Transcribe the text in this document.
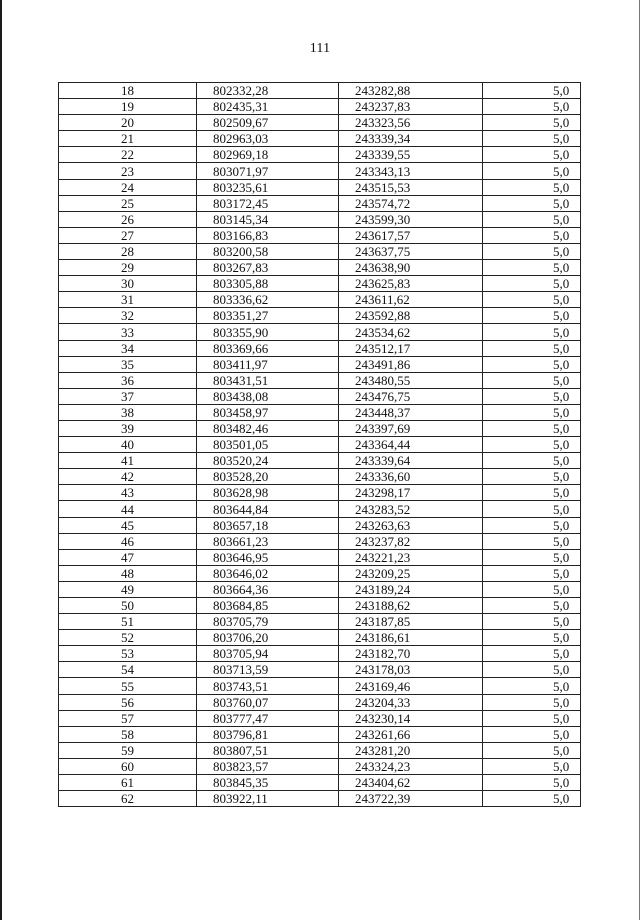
111
18	802332,28	243282,88	5,0
19	802435,31	243237,83	5,0
20	802509,67	243323,56	5,0
21	802963,03	243339,34	5,0
22	802969,18	243339,55	5,0
23	803071,97	243343,13	5,0
24	803235,61	243515,53	5,0
25	803172,45	243574,72	5,0
26	803145,34	243599,30	5,0
27	803166,83	243617,57	5,0
28	803200,58	243637,75	5,0
29	803267,83	243638,90	5,0
30	803305,88	243625,83	5,0
31	803336,62	243611,62	5,0
32	803351,27	243592,88	5,0
33	803355,90	243534,62	5,0
34	803369,66	243512,17	5,0
35	803411,97	243491,86	5,0
36	803431,51	243480,55	5,0
37	803438,08	243476,75	5,0
38	803458,97	243448,37	5,0
39	803482,46	243397,69	5,0
40	803501,05	243364,44	5,0
41	803520,24	243339,64	5,0
42	803528,20	243336,60	5,0
43	803628,98	243298,17	5,0
44	803644,84	243283,52	5,0
45	803657,18	243263,63	5,0
46	803661,23	243237,82	5,0
47	803646,95	243221,23	5,0
48	803646,02	243209,25	5,0
49	803664,36	243189,24	5,0
50	803684,85	243188,62	5,0
51	803705,79	243187,85	5,0
52	803706,20	243186,61	5,0
53	803705,94	243182,70	5,0
54	803713,59	243178,03	5,0
55	803743,51	243169,46	5,0
56	803760,07	243204,33	5,0
57	803777,47	243230,14	5,0
58	803796,81	243261,66	5,0
59	803807,51	243281,20	5,0
60	803823,57	243324,23	5,0
61	803845,35	243404,62	5,0
62	803922,11	243722,39	5,0
